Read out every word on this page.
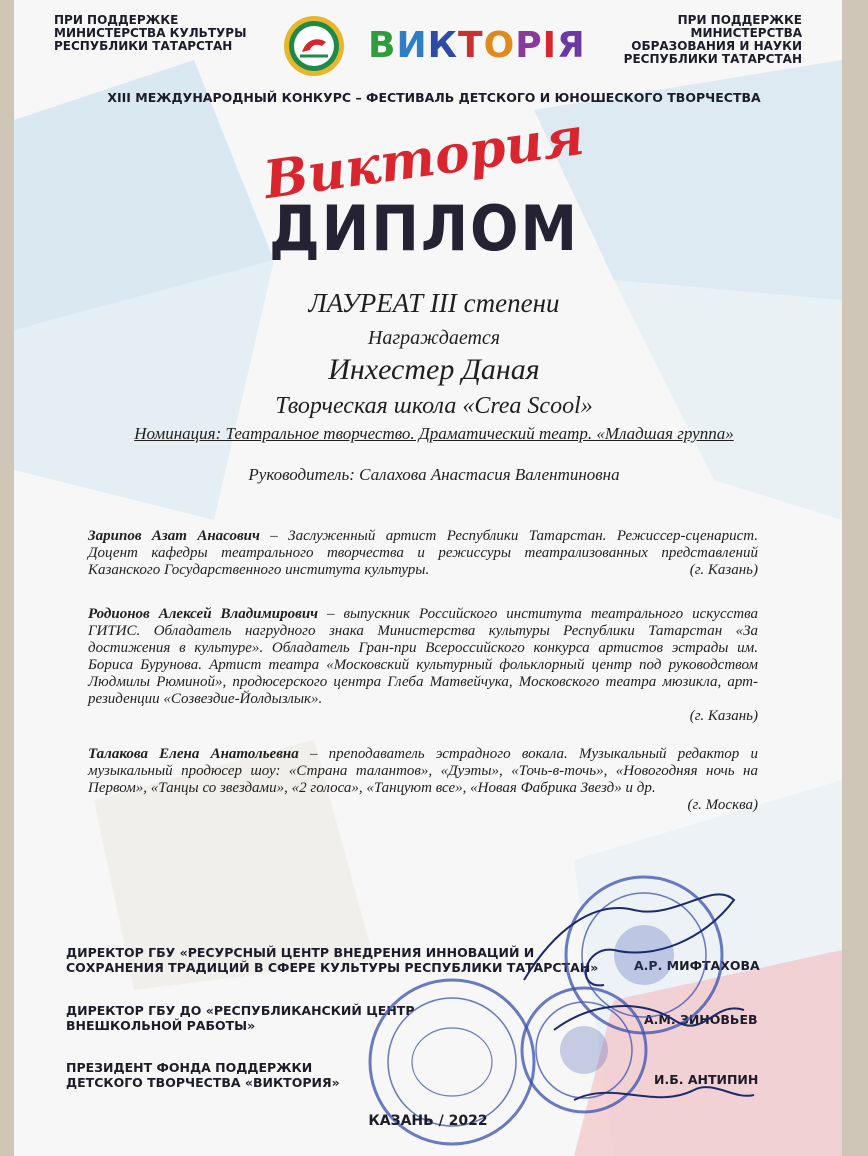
ПРИ ПОДДЕРЖКЕ МИНИСТЕРСТВА КУЛЬТУРЫ РЕСПУБЛИКИ ТАТАРСТАН	ВИКТОРІЯ
ПРИ ПОДДЕРЖКЕ МИНИСТЕРСТВА ОБРАЗОВАНИЯ И НАУКИ РЕСПУБЛИКИ ТАТАРСТАН
XIII МЕЖДУНАРОДНЫЙ КОНКУРС – ФЕСТИВАЛЬ ДЕТСКОГО И ЮНОШЕСКОГО ТВОРЧЕСТВА
Виктория
ДИПЛОМ
ЛАУРЕАТ III степени
Награждается
Инхестер Даная
Творческая школа «Crea Scool»
Номинация: Театральное творчество. Драматический театр. «Младшая группа»
Руководитель: Салахова Анастасия Валентиновна
Зарипов Азат Анасович – Заслуженный артист Республики Татарстан. Режиссер-сценарист. Доцент кафедры театрального творчества и режиссуры театрализованных представлений Казанского Государственного института культуры.	(г. Казань)
Родионов Алексей Владимирович – выпускник Российского института театрального искусства ГИТИС. Обладатель нагрудного знака Министерства культуры Республики Татарстан «За достижения в культуре». Обладатель Гран-при Всероссийского конкурса артистов эстрады им. Бориса Бурунова. Артист театра «Московский культурный фольклорный центр под руководством Людмилы Рюминой», продюсерского центра Глеба Матвейчука, Московского театра мюзикла, арт-резиденции «Созвездие-Йолдызлык».
(г. Казань)
Талакова Елена Анатольевна – преподаватель эстрадного вокала. Музыкальный редактор и музыкальный продюсер шоу: «Страна талантов», «Дуэты», «Точь-в-точь», «Новогодняя ночь на Первом», «Танцы со звездами», «2 голоса», «Танцуют все», «Новая Фабрика Звезд» и др.
(г. Москва)
ДИРЕКТОР ГБУ «РЕСУРСНЫЙ ЦЕНТР ВНЕДРЕНИЯ ИННОВАЦИЙ И СОХРАНЕНИЯ ТРАДИЦИЙ В СФЕРЕ КУЛЬТУРЫ РЕСПУБЛИКИ ТАТАРСТАН»
ДИРЕКТОР ГБУ ДО «РЕСПУБЛИКАНСКИЙ ЦЕНТР ВНЕШКОЛЬНОЙ РАБОТЫ»
ПРЕЗИДЕНТ ФОНДА ПОДДЕРЖКИ ДЕТСКОГО ТВОРЧЕСТВА «ВИКТОРИЯ»
А.Р. МИФТАХОВА
А.М. ЗИНОВЬЕВ
И.Б. АНТИПИН
КАЗАНЬ / 2022
